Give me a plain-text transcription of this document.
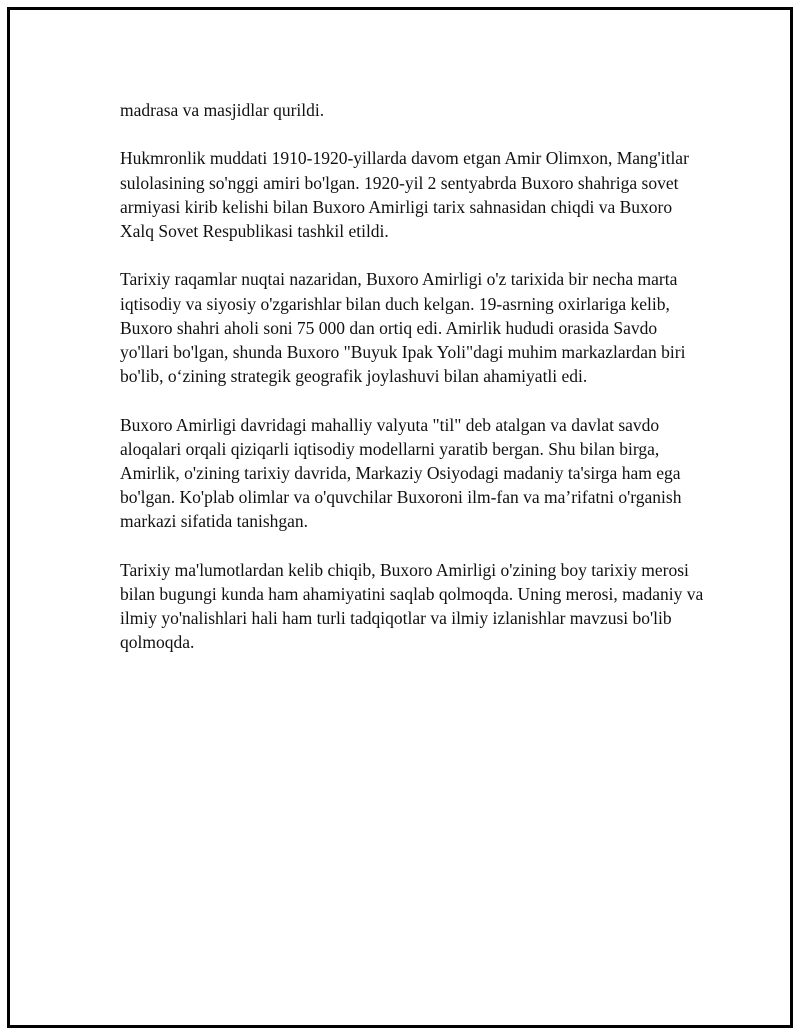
madrasa va masjidlar qurildi.

Hukmronlik muddati 1910-1920-yillarda davom etgan Amir Olimxon, Mang'itlar sulolasining so'nggi amiri bo'lgan. 1920-yil 2 sentyabrda Buxoro shahriga sovet armiyasi kirib kelishi bilan Buxoro Amirligi tarix sahnasidan chiqdi va Buxoro Xalq Sovet Respublikasi tashkil etildi.

Tarixiy raqamlar nuqtai nazaridan, Buxoro Amirligi o'z tarixida bir necha marta iqtisodiy va siyosiy o'zgarishlar bilan duch kelgan. 19-asrning oxirlariga kelib, Buxoro shahri aholi soni 75 000 dan ortiq edi. Amirlik hududi orasida Savdo yo'llari bo'lgan, shunda Buxoro "Buyuk Ipak Yoli"dagi muhim markazlardan biri bo'lib, o‘zining strategik geografik joylashuvi bilan ahamiyatli edi.

Buxoro Amirligi davridagi mahalliy valyuta "til" deb atalgan va davlat savdo aloqalari orqali qiziqarli iqtisodiy modellarni yaratib bergan. Shu bilan birga, Amirlik, o'zining tarixiy davrida, Markaziy Osiyodagi madaniy ta'sirga ham ega bo'lgan. Ko'plab olimlar va o'quvchilar Buxoroni ilm-fan va ma’rifatni o'rganish markazi sifatida tanishgan.

Tarixiy ma'lumotlardan kelib chiqib, Buxoro Amirligi o'zining boy tarixiy merosi bilan bugungi kunda ham ahamiyatini saqlab qolmoqda. Uning merosi, madaniy va ilmiy yo'nalishlari hali ham turli tadqiqotlar va ilmiy izlanishlar mavzusi bo'lib qolmoqda.
